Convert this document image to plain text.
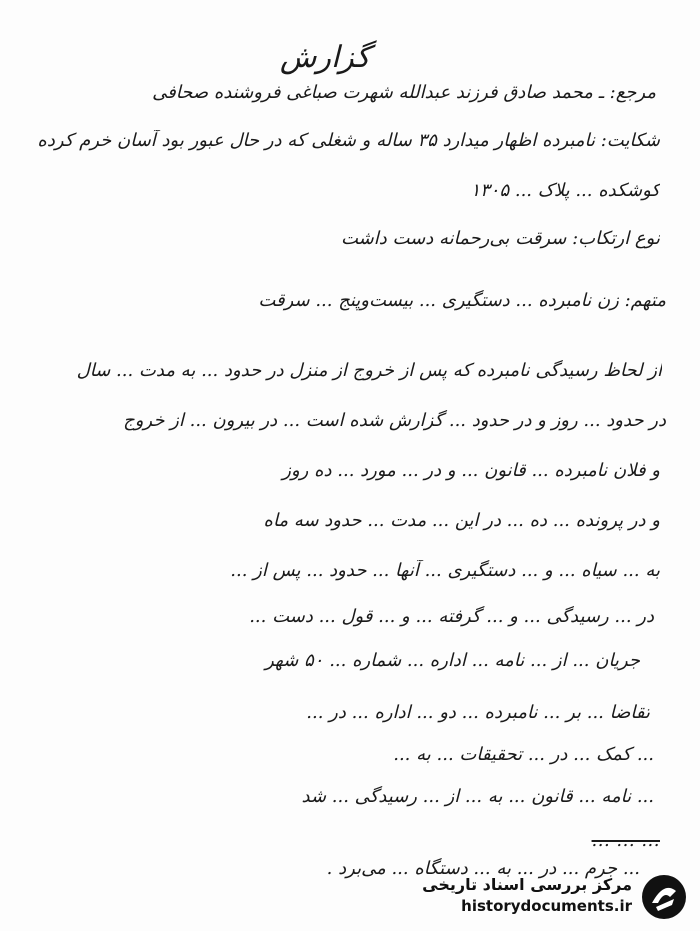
گزارش
مرجع: ـ محمد صادق فرزند عبدالله شهرت صباغی فروشنده صحافی
شکایت: نامبرده اظهار میدارد ۳۵ ساله و شغلی که در حال عبور بود آسان خرم کرده
کوشکده ... پلاک ... ۱۳۰۵
نوع ارتکاب: سرقت بی‌رحمانه دست داشت
متهم: زن نامبرده ... دستگیری ... بیست‌وپنج ... سرقت
از لحاظ رسیدگی نامبرده که پس از خروج از منزل در حدود ... به مدت ... سال
در حدود ... روز و در حدود ... گزارش شده است ... در بیرون ... از خروج
و فلان نامبرده ... قانون ... و در ... مورد ... ده روز
و در پرونده ... ده ... در این ... مدت ... حدود سه ماه
به ... سیاه ... و ... دستگیری ... آنها ... حدود ... پس از ...
در ... رسیدگی ... و ... گرفته ... و ... قول ... دست ...
جریان ... از ... نامه ... اداره ... شماره ... ۵۰ شهر
تقاضا ... بر ... نامبرده ... دو ... اداره ... در ...
... کمک ... در ... تحقیقات ... به ...
... نامه ... قانون ... به ... از ... رسیدگی ... شد
... ... ...
... جرم ... در ... به ... دستگاه ... می‌برد .
مرکز بررسی اسناد تاریخی
historydocuments.ir
